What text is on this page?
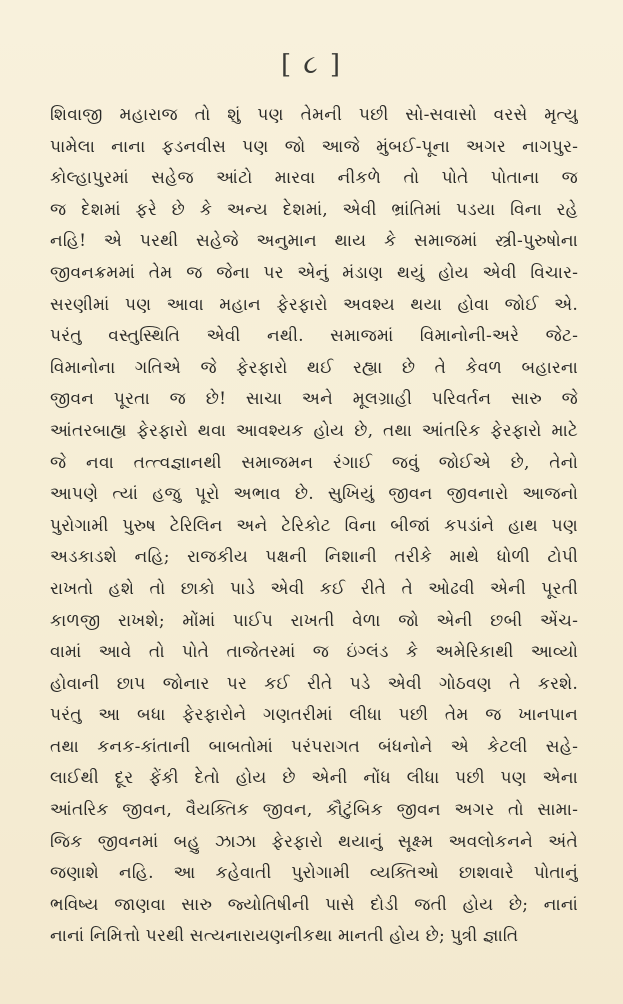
[ ૮ ]
શિવાજી મહારાજ તો શું પણ તેમની પછી સો-સવાસો વરસે મૃત્યુ
પામેલા નાના ફડનવીસ પણ જો આજે મુંબઈ-પૂના અગર નાગપુર-
કોલ્હાપુરમાં સહેજ આંટો મારવા નીકળે તો પોતે પોતાના જ
જ દેશમાં ફરે છે કે અન્ય દેશમાં, એવી ભ્રાંતિમાં પડયા વિના રહે
નહિ! એ પરથી સહેજે અનુમાન થાય કે સમાજમાં સ્ત્રી-પુરુષોના
જીવનક્રમમાં તેમ જ જેના પર એનું મંડાણ થયું હોય એવી વિચાર-
સરણીમાં પણ આવા મહાન ફેરફારો અવશ્ય થયા હોવા જોઈ એ.
પરંતુ વસ્તુસ્થિતિ એવી નથી. સમાજમાં વિમાનોની-અરે જેટ-
વિમાનોના ગતિએ જે ફેરફારો થઈ રહ્યા છે તે કેવળ બહારના
જીવન પૂરતા જ છે! સાચા અને મૂલગ્રાહી પરિવર્તન સારુ જે
આંતરબાહ્ય ફેરફારો થવા આવશ્યક હોય છે, તથા આંતરિક ફેરફારો માટે
જે નવા તત્ત્વજ્ઞાનથી સમાજમન રંગાઈ જવું જોઈએ છે, તેનો
આપણે ત્યાં હજુ પૂરો અભાવ છે. સુખિયું જીવન જીવનારો આજનો
પુરોગામી પુરુષ ટેરિલિન અને ટેરિકોટ વિના બીજાં કપડાંને હાથ પણ
અડકાડશે નહિ; રાજકીય પક્ષની નિશાની તરીકે માથે ધોળી ટોપી
રાખતો હશે તો છાકો પાડે એવી કઈ રીતે તે ઓઢવી એની પૂરતી
કાળજી રાખશે; મોંમાં પાઈપ રાખતી વેળા જો એની છબી એંચ-
વામાં આવે તો પોતે તાજેતરમાં જ ઇંગ્લંડ કે અમેરિકાથી આવ્યો
હોવાની છાપ જોનાર પર કઈ રીતે પડે એવી ગોઠવણ તે કરશે.
પરંતુ આ બધા ફેરફારોને ગણતરીમાં લીધા પછી તેમ જ ખાનપાન
તથા કનક-કાંતાની બાબતોમાં પરંપરાગત બંધનોને એ કેટલી સહે-
લાઈથી દૂર ફેંકી દેતો હોય છે એની નોંધ લીધા પછી પણ એના
આંતરિક જીવન, વૈયક્તિક જીવન, કૌટુંબિક જીવન અગર તો સામા-
જિક જીવનમાં બહુ ઝાઝા ફેરફારો થયાનું સૂક્ષ્મ અવલોકનને અંતે
જણાશે નહિ. આ કહેવાતી પુરોગામી વ્યક્તિઓ છાશવારે પોતાનું
ભવિષ્ય જાણવા સારુ જ્યોતિષીની પાસે દોડી જતી હોય છે; નાનાં
નાનાં નિમિત્તો પરથી સત્યનારાયણનીકથા માનતી હોય છે; પુત્રી જ્ઞાતિ
